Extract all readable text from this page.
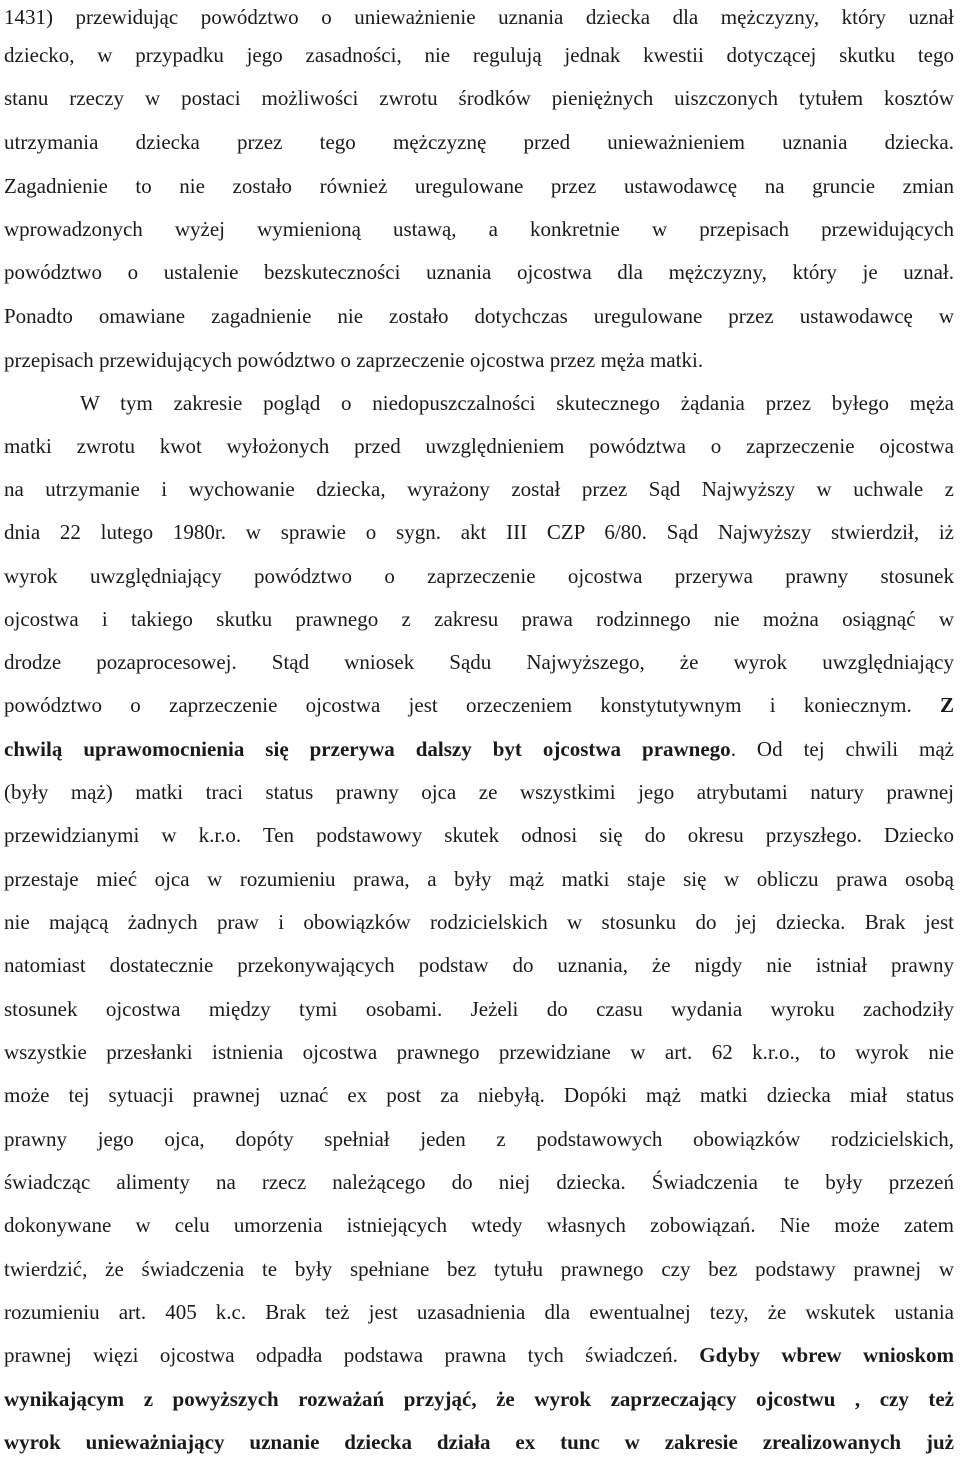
1431) przewidując powództwo o unieważnienie uznania dziecka dla mężczyzny, który uznał
dziecko, w przypadku jego zasadności, nie regulują jednak kwestii dotyczącej skutku tego
stanu rzeczy w postaci możliwości zwrotu środków pieniężnych uiszczonych tytułem kosztów
utrzymania dziecka przez tego mężczyznę przed unieważnieniem uznania dziecka.
Zagadnienie to nie zostało również uregulowane przez ustawodawcę na gruncie zmian
wprowadzonych wyżej wymienioną ustawą, a konkretnie w przepisach przewidujących
powództwo o ustalenie bezskuteczności uznania ojcostwa dla mężczyzny, który je uznał.
Ponadto omawiane zagadnienie nie zostało dotychczas uregulowane przez ustawodawcę w
przepisach przewidujących powództwo o zaprzeczenie ojcostwa przez męża matki.
W tym zakresie pogląd o niedopuszczalności skutecznego żądania przez byłego męża
matki zwrotu kwot wyłożonych przed uwzględnieniem powództwa o zaprzeczenie ojcostwa
na utrzymanie i wychowanie dziecka, wyrażony został przez Sąd Najwyższy w uchwale z
dnia 22 lutego 1980r. w sprawie o sygn. akt III CZP 6/80. Sąd Najwyższy stwierdził, iż
wyrok uwzględniający powództwo o zaprzeczenie ojcostwa przerywa prawny stosunek
ojcostwa i takiego skutku prawnego z zakresu prawa rodzinnego nie można osiągnąć w
drodze pozaprocesowej. Stąd wniosek Sądu Najwyższego, że wyrok uwzględniający
powództwo o zaprzeczenie ojcostwa jest orzeczeniem konstytutywnym i koniecznym. Z
chwilą uprawomocnienia się przerywa dalszy byt ojcostwa prawnego. Od tej chwili mąż
(były mąż) matki traci status prawny ojca ze wszystkimi jego atrybutami natury prawnej
przewidzianymi w k.r.o. Ten podstawowy skutek odnosi się do okresu przyszłego. Dziecko
przestaje mieć ojca w rozumieniu prawa, a były mąż matki staje się w obliczu prawa osobą
nie mającą żadnych praw i obowiązków rodzicielskich w stosunku do jej dziecka. Brak jest
natomiast dostatecznie przekonywających podstaw do uznania, że nigdy nie istniał prawny
stosunek ojcostwa między tymi osobami. Jeżeli do czasu wydania wyroku zachodziły
wszystkie przesłanki istnienia ojcostwa prawnego przewidziane w art. 62 k.r.o., to wyrok nie
może tej sytuacji prawnej uznać ex post za niebyłą. Dopóki mąż matki dziecka miał status
prawny jego ojca, dopóty spełniał jeden z podstawowych obowiązków rodzicielskich,
świadcząc alimenty na rzecz należącego do niej dziecka. Świadczenia te były przezeń
dokonywane w celu umorzenia istniejących wtedy własnych zobowiązań. Nie może zatem
twierdzić, że świadczenia te były spełniane bez tytułu prawnego czy bez podstawy prawnej w
rozumieniu art. 405 k.c. Brak też jest uzasadnienia dla ewentualnej tezy, że wskutek ustania
prawnej więzi ojcostwa odpadła podstawa prawna tych świadczeń. Gdyby wbrew wnioskom
wynikającym z powyższych rozważań przyjąć, że wyrok zaprzeczający ojcostwu , czy też
wyrok unieważniający uznanie dziecka działa ex tunc w zakresie zrealizowanych już
